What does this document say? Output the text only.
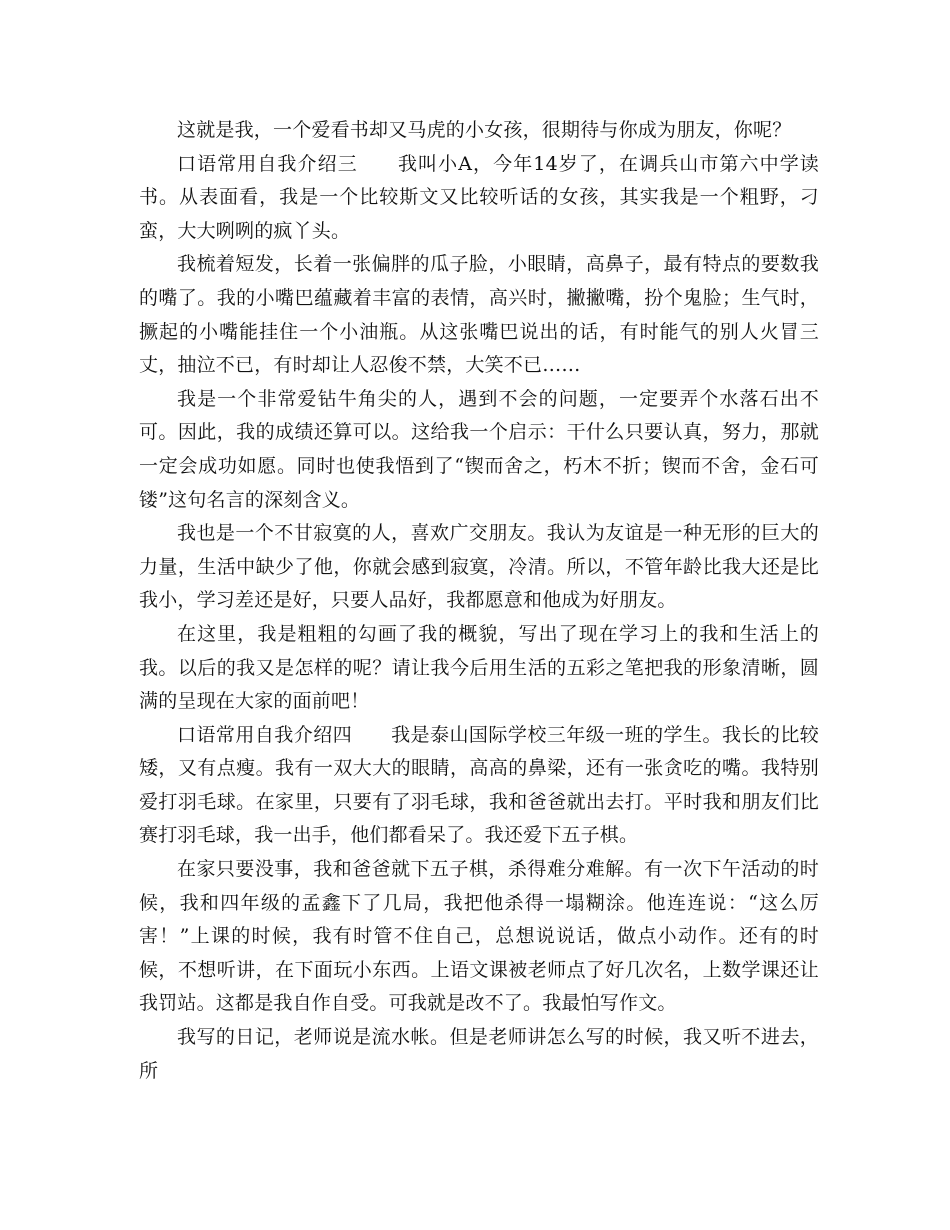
这就是我，一个爱看书却又马虎的小女孩，很期待与你成为朋友，你呢？

口语常用自我介绍三　　我叫小A，今年14岁了，在调兵山市第六中学读书。从表面看，我是一个比较斯文又比较听话的女孩，其实我是一个粗野，刁蛮，大大咧咧的疯丫头。

我梳着短发，长着一张偏胖的瓜子脸，小眼睛，高鼻子，最有特点的要数我的嘴了。我的小嘴巴蕴藏着丰富的表情，高兴时，撇撇嘴，扮个鬼脸；生气时，撅起的小嘴能挂住一个小油瓶。从这张嘴巴说出的话，有时能气的别人火冒三丈，抽泣不已，有时却让人忍俊不禁，大笑不已……

我是一个非常爱钻牛角尖的人，遇到不会的问题，一定要弄个水落石出不可。因此，我的成绩还算可以。这给我一个启示：干什么只要认真，努力，那就一定会成功如愿。同时也使我悟到了“锲而舍之，朽木不折；锲而不舍，金石可镂”这句名言的深刻含义。

我也是一个不甘寂寞的人，喜欢广交朋友。我认为友谊是一种无形的巨大的力量，生活中缺少了他，你就会感到寂寞，冷清。所以，不管年龄比我大还是比我小，学习差还是好，只要人品好，我都愿意和他成为好朋友。

在这里，我是粗粗的勾画了我的概貌，写出了现在学习上的我和生活上的我。以后的我又是怎样的呢？请让我今后用生活的五彩之笔把我的形象清晰，圆满的呈现在大家的面前吧！

口语常用自我介绍四　　我是泰山国际学校三年级一班的学生。我长的比较矮，又有点瘦。我有一双大大的眼睛，高高的鼻梁，还有一张贪吃的嘴。我特别爱打羽毛球。在家里，只要有了羽毛球，我和爸爸就出去打。平时我和朋友们比赛打羽毛球，我一出手，他们都看呆了。我还爱下五子棋。

在家只要没事，我和爸爸就下五子棋，杀得难分难解。有一次下午活动的时候，我和四年级的孟鑫下了几局，我把他杀得一塌糊涂。他连连说：“这么厉害！”上课的时候，我有时管不住自己，总想说说话，做点小动作。还有的时候，不想听讲，在下面玩小东西。上语文课被老师点了好几次名，上数学课还让我罚站。这都是我自作自受。可我就是改不了。我最怕写作文。

我写的日记，老师说是流水帐。但是老师讲怎么写的时候，我又听不进去，所
